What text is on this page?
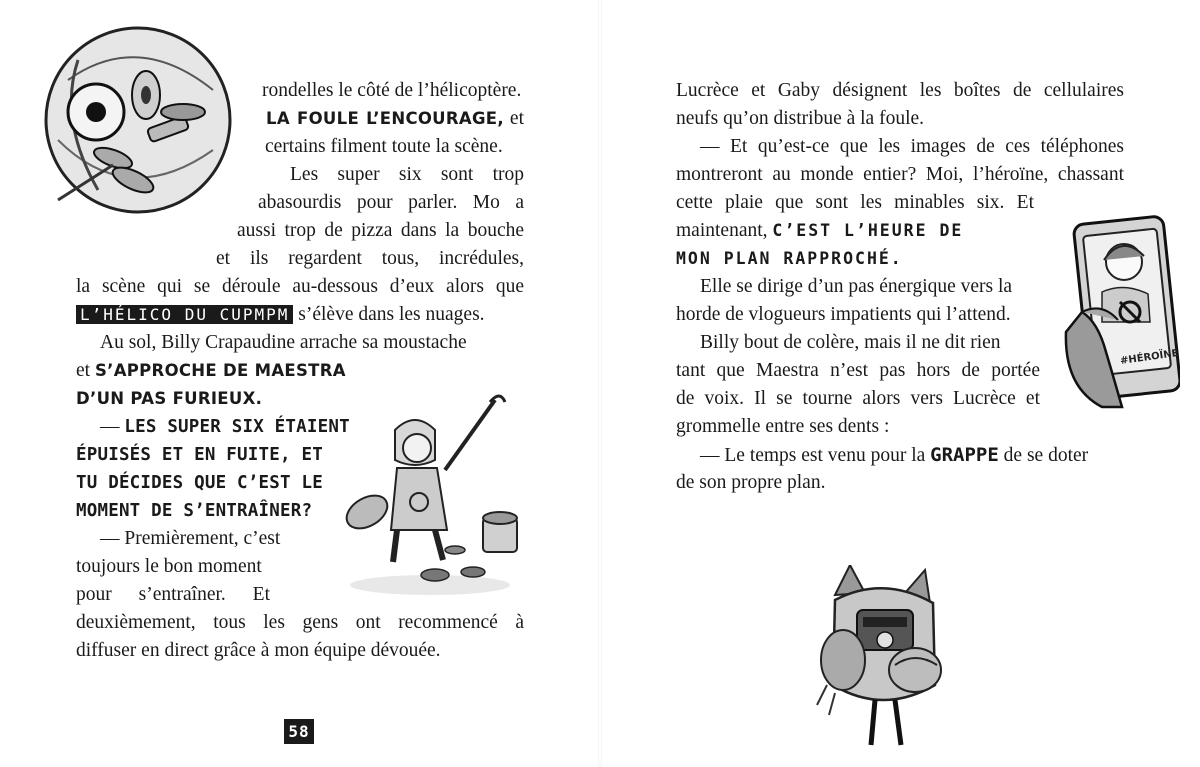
rondelles le côté de l’hélicoptère.
LA FOULE L’ENCOURAGE, et
certains filment toute la scène.
Les super six sont trop
abasourdis pour parler. Mo a
aussi trop de pizza dans la bouche
et ils regardent tous, incrédules,
la scène qui se déroule au-dessous d’eux alors que
L’HÉLICO DU CUPMPM s’élève dans les nuages.
Au sol, Billy Crapaudine arrache sa moustache
et S’APPROCHE DE MAESTRA
D’UN PAS FURIEUX.
— LES SUPER SIX ÉTAIENT
ÉPUISÉS ET EN FUITE, ET
TU DÉCIDES QUE C’EST LE
MOMENT DE S’ENTRAÎNER?
— Premièrement, c’est
toujours le bon moment
pour s’entraîner. Et
deuxièmement, tous les gens ont recommencé à
diffuser en direct grâce à mon équipe dévouée.
58
#HÉROÏNE
Lucrèce et Gaby désignent les boîtes de cellulaires
neufs qu’on distribue à la foule.
— Et qu’est-ce que les images de ces téléphones
montreront au monde entier? Moi, l’héroïne, chassant
cette plaie que sont les minables six. Et
maintenant, C’EST L’HEURE DE
MON PLAN RAPPROCHÉ.
Elle se dirige d’un pas énergique vers la
horde de vlogueurs impatients qui l’attend.
Billy bout de colère, mais il ne dit rien
tant que Maestra n’est pas hors de portée
de voix. Il se tourne alors vers Lucrèce et
grommelle entre ses dents :
— Le temps est venu pour la GRAPPE de se doter
de son propre plan.
